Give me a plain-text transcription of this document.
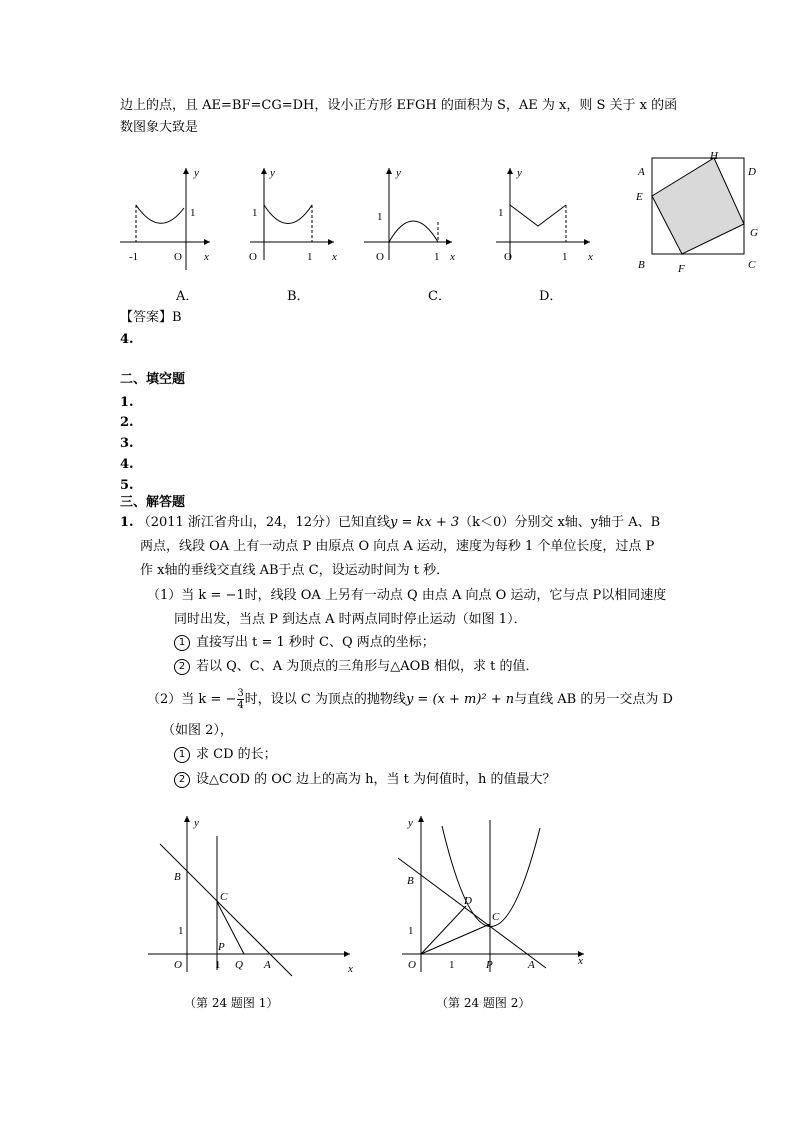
边上的点，且 AE=BF=CG=DH，设小正方形 EFGH 的面积为 S，AE 为 x，则 S 关于 x 的函
数图象大致是
y
x
-1	O
1
y
x
O	1
1
y
x
O	1
1
y
x
O	1
1
A．	B．	C．	D．
A	D
H
E
G
B	F	C
【答案】B
4.
二、填空题
1.
2.
3.
4.
5.
三、解答题
1. （2011 浙江省舟山，24，12分）已知直线y = kx + 3（k＜0）分别交 x轴、y轴于 A、B
两点，线段 OA 上有一动点 P 由原点 O 向点 A 运动，速度为每秒 1 个单位长度，过点 P
作 x轴的垂线交直线 AB于点 C，设运动时间为 t 秒．
（1）当 k = −1时，线段 OA 上另有一动点 Q 由点 A 向点 O 运动，它与点 P以相同速度
同时出发，当点 P 到达点 A 时两点同时停止运动（如图 1）．
1 直接写出 t = 1 秒时 C、Q 两点的坐标；
2 若以 Q、C、A 为顶点的三角形与△AOB 相似，求 t 的值．
（2）当 k = − $\frac{3}{4}$ 时，设以 C 为顶点的抛物线y = (x + m)² + n与直线 AB 的另一交点为 D
（如图 2），
1 求 CD 的长；
2 设△COD 的 OC 边上的高为 h，当 t 为何值时，h 的值最大？
y
x
B
C
P
1
O	1 Q A
（第 24 题图 1）
y
x
B
D
C
1
O	1	P	A
（第 24 题图 2）
